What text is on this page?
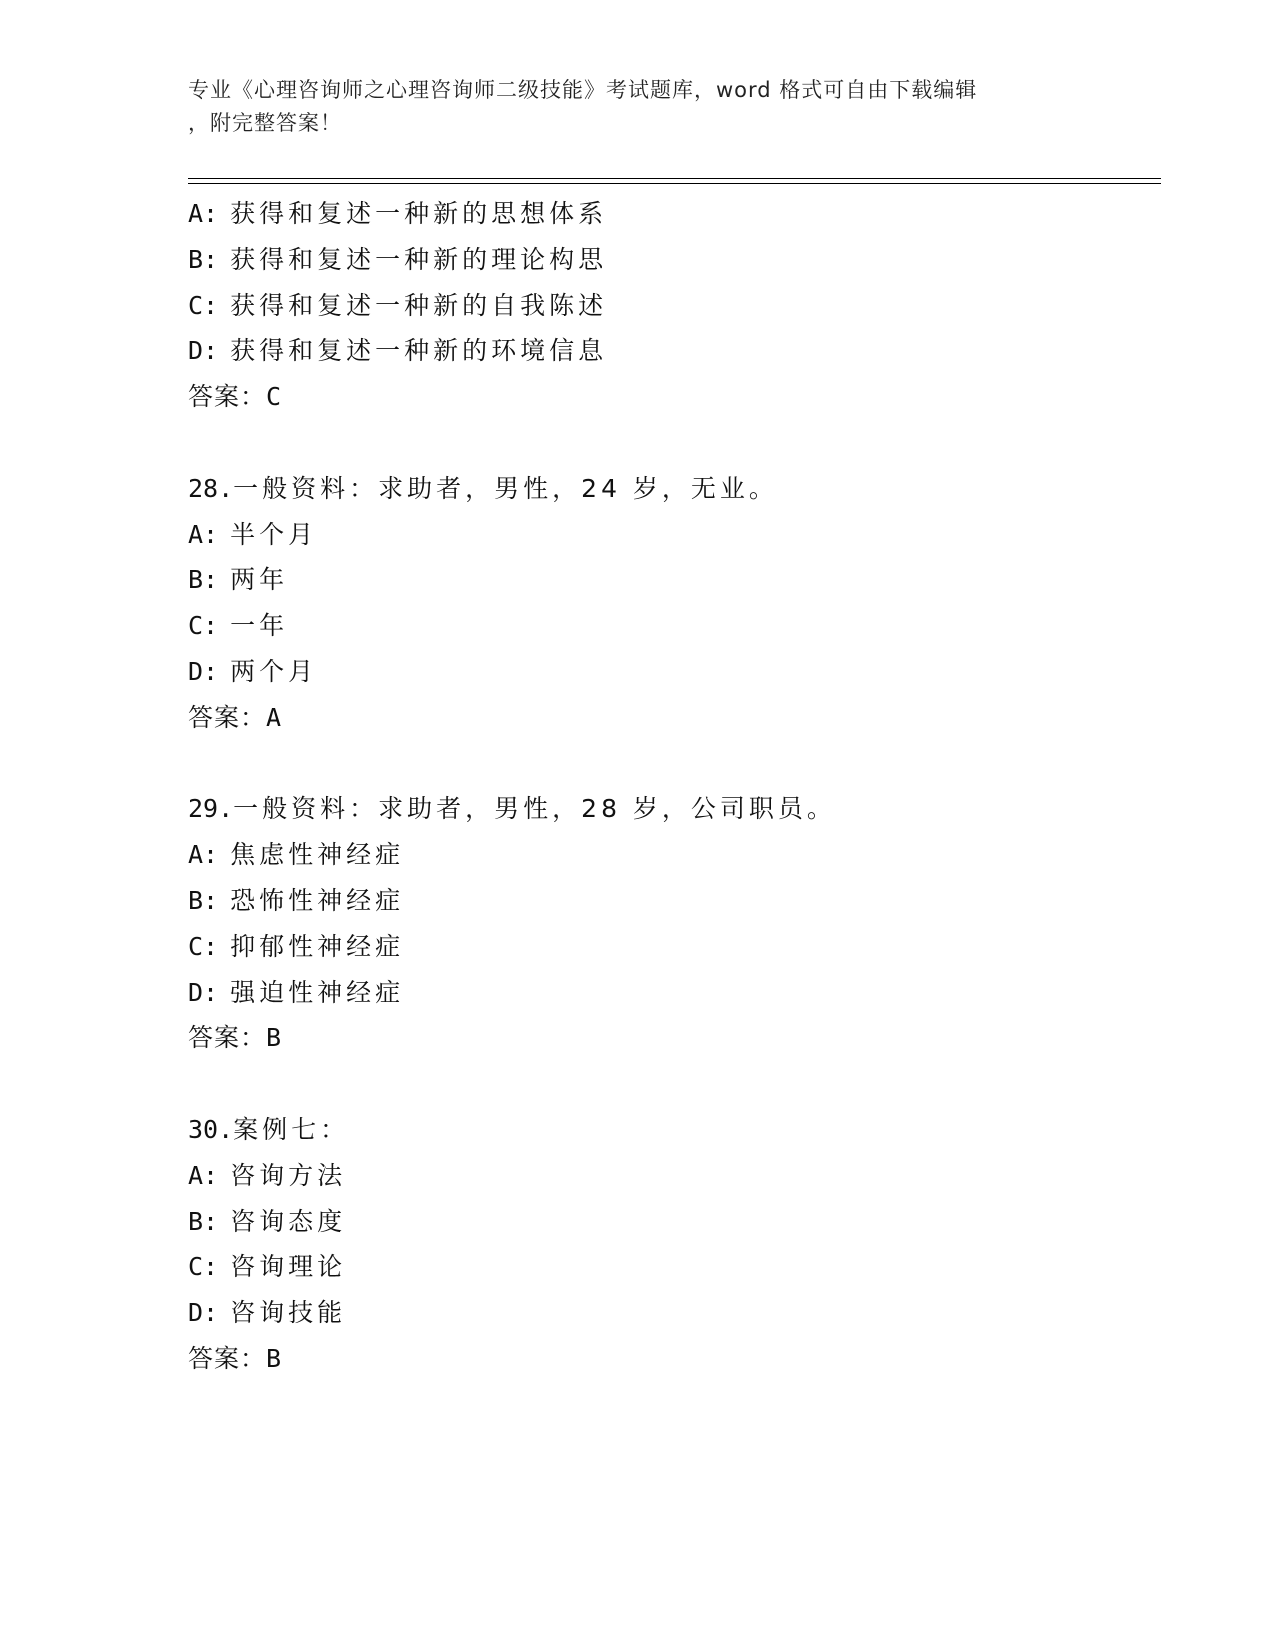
专业《心理咨询师之心理咨询师二级技能》考试题库，word 格式可自由下载编辑
，附完整答案！
A: 获得和复述一种新的思想体系
B: 获得和复述一种新的理论构思
C: 获得和复述一种新的自我陈述
D: 获得和复述一种新的环境信息
答案：C
28.一般资料：求助者，男性，24 岁，无业。
A: 半个月
B: 两年
C: 一年
D: 两个月
答案：A
29.一般资料：求助者，男性，28 岁，公司职员。
A: 焦虑性神经症
B: 恐怖性神经症
C: 抑郁性神经症
D: 强迫性神经症
答案：B
30.案例七：
A: 咨询方法
B: 咨询态度
C: 咨询理论
D: 咨询技能
答案：B
